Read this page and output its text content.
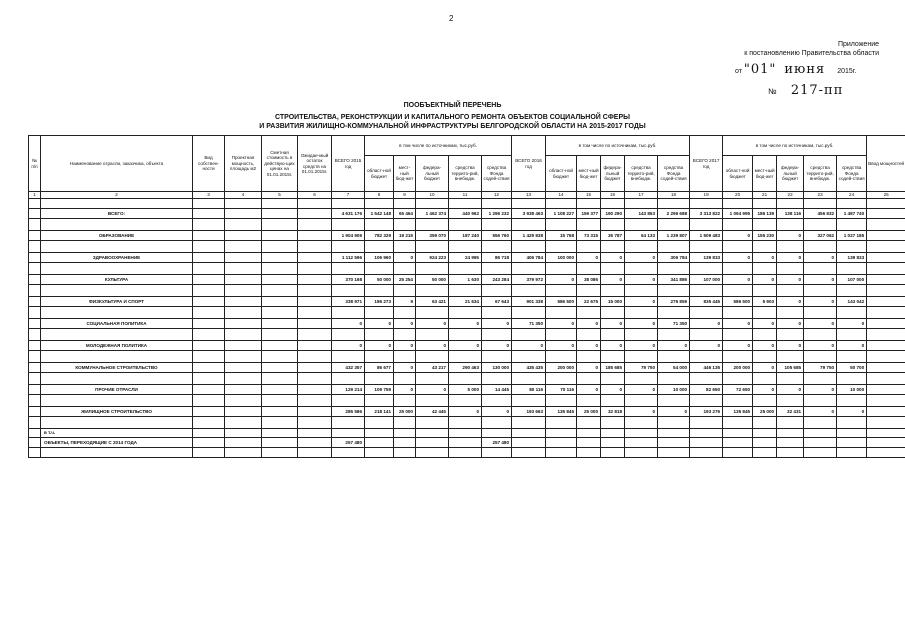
2
Приложение
к постановлению Правительства области
от "01" июня 2015г.
№ 217-пп
ПООБЪЕКТНЫЙ ПЕРЕЧЕНЬ
СТРОИТЕЛЬСТВА, РЕКОНСТРУКЦИИ И КАПИТАЛЬНОГО РЕМОНТА ОБЪЕКТОВ СОЦИАЛЬНОЙ СФЕРЫ
И РАЗВИТИЯ ЖИЛИЩНО-КОММУНАЛЬНОЙ ИНФРАСТРУКТУРЫ БЕЛГОРОДСКОЙ ОБЛАСТИ НА 2015-2017 ГОДЫ
№ п/п	Наименование отрасли, заказчика, объекта	Вид собствен-ности	Проектная мощность, площадь м2	Сметная стоимость в действую-щих ценах на 01.01.2015г.	Ожидае-мый остаток средств на 01.01.2015г.	ВСЕГО 2015 год	в том числе по источникам, тыс.руб.					ВСЕГО 2016 год	в том числе по источникам, тыс.руб.					ВСЕГО 2017 год	в том числе по источникам, тыс.руб.					Ввод мощностей
							област-ной бюджет	мест-ный бюд-жет	федера-льный бюджет	средства террито-рий, внебюдж.	средства Фонда содей-ствия		област-ной бюджет	мест-ный бюд-жет	федера-льный бюджет	средства террито-рий, внебюдж.	средства Фонда содей-ствия		област-ной бюджет	мест-ный бюд-жет	федера-льный бюджет	средства террито-рий, внебюдж.	средства Фонда содей-ствия	
1	2	3	4	5	6	7	8	9	10	11	12	13	14	15	16	17	18	19	20	21	22	23	24	25

	ВСЕГО:					4 631 176	1 542 148	65 464	1 462 374	440 962	1 296 232	3 938 463	1 108 227	159 377	190 290	143 853	2 296 688	3 313 822	1 094 995	186 139	138 116	456 832	1 487 740	

	ОБРАЗОВАНИЕ					1 904 909	782 329	19 219	359 070	187 240	556 760	1 429 838	15 768	73 315	36 787	64 133	1 239 807	1 509 483	0	155 230	0	327 062	1 027 185	

	ЗДРАВООХРАНЕНИЕ					1 112 596	106 960	0	924 223	24 995	86 718	406 784	100 000	0	0	0	306 784	139 833	0	0	0	0	139 833	

	КУЛЬТУРА					370 168	50 000	25 254	50 000	1 630	243 284	379 972	0	38 086	0	0	341 886	107 000	0	0	0	0	107 000	

	ФИЗКУЛЬТУРА И СПОРТ					338 971	186 273	9	63 421	21 634	67 643	901 338	586 500	22 675	15 000	0	276 859	835 445	586 500	5 903	0	0	143 042	

	СОЦИАЛЬНАЯ ПОЛИТИКА					0	0	0	0	0	0	71 350	0	0	0	0	71 350	0	0	0	0	0	0	

	МОЛОДЕЖНАЯ ПОЛИТИКА					0	0	0	0	0	0	0	0	0	0	0	0	0	0	0	0	0	0	

	КОММУНАЛЬНОЕ СТРОИТЕЛЬСТВО					432 357	86 677	0	43 217	290 463	130 000	435 435	200 000	0	185 685	79 750	54 000	446 135	200 000	0	105 685	79 750	50 700	

	ПРОЧИЕ ОТРАСЛИ					129 214	109 759	0	0	5 000	14 445	80 116	70 116	0	0	0	10 000	82 650	72 650	0	0	0	10 000	

	ЖИЛИЩНОЕ СТРОИТЕЛЬСТВО					285 586	218 141	25 000	42 445	0	0	193 663	135 845	25 000	32 818	0	0	193 276	135 845	25 000	32 431	0	0	

	в т.ч.																							
	ОБЪЕКТЫ, ПЕРЕХОДЯЩИЕ С 2014 ГОДА					257 480					257 480													
